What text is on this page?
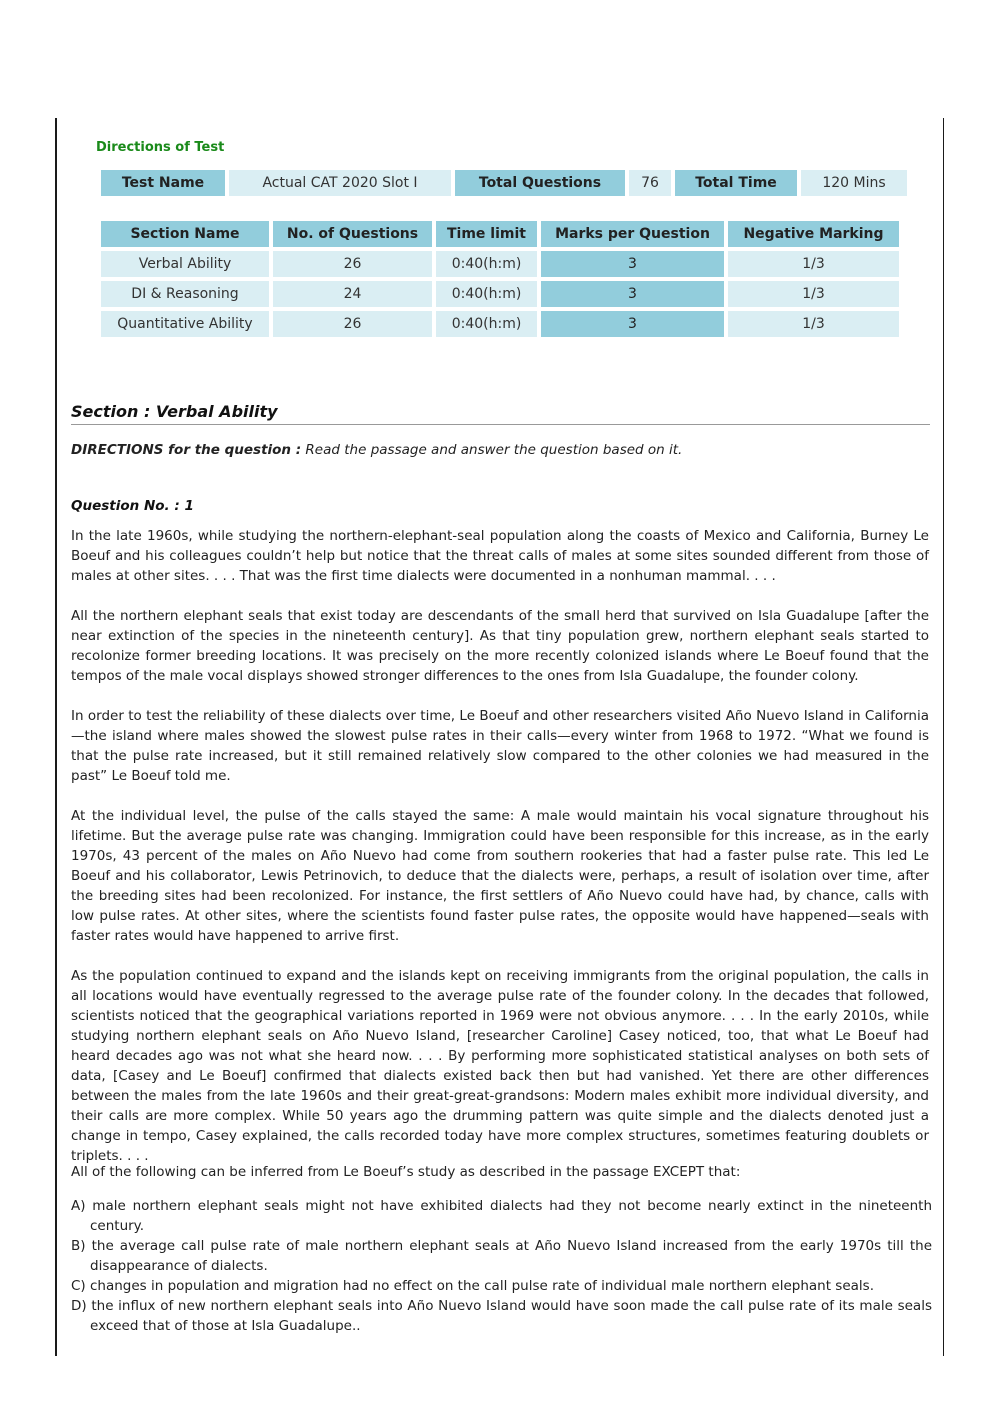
Directions of Test
Test Name	Actual CAT 2020 Slot I	Total Questions	76	Total Time	120 Mins
Section Name	No. of Questions	Time limit	Marks per Question	Negative Marking
Verbal Ability	26	0:40(h:m)	3	1/3
DI & Reasoning	24	0:40(h:m)	3	1/3
Quantitative Ability	26	0:40(h:m)	3	1/3
Section : Verbal Ability
DIRECTIONS for the question : Read the passage and answer the question based on it.
Question No. : 1

In the late 1960s, while studying the northern-elephant-seal population along the coasts of Mexico and California, Burney Le Boeuf and his colleagues couldn’t help but notice that the threat calls of males at some sites sounded different from those of males at other sites. . . . That was the first time dialects were documented in a nonhuman mammal. . . .

All the northern elephant seals that exist today are descendants of the small herd that survived on Isla Guadalupe [after the near extinction of the species in the nineteenth century]. As that tiny population grew, northern elephant seals started to recolonize former breeding locations. It was precisely on the more recently colonized islands where Le Boeuf found that the tempos of the male vocal displays showed stronger differences to the ones from Isla Guadalupe, the founder colony.

In order to test the reliability of these dialects over time, Le Boeuf and other researchers visited Año Nuevo Island in California —the island where males showed the slowest pulse rates in their calls—every winter from 1968 to 1972. “What we found is that the pulse rate increased, but it still remained relatively slow compared to the other colonies we had measured in the past” Le Boeuf told me.

At the individual level, the pulse of the calls stayed the same: A male would maintain his vocal signature throughout his lifetime. But the average pulse rate was changing. Immigration could have been responsible for this increase, as in the early 1970s, 43 percent of the males on Año Nuevo had come from southern rookeries that had a faster pulse rate. This led Le Boeuf and his collaborator, Lewis Petrinovich, to deduce that the dialects were, perhaps, a result of isolation over time, after the breeding sites had been recolonized. For instance, the first settlers of Año Nuevo could have had, by chance, calls with low pulse rates. At other sites, where the scientists found faster pulse rates, the opposite would have happened—seals with faster rates would have happened to arrive first.

As the population continued to expand and the islands kept on receiving immigrants from the original population, the calls in all locations would have eventually regressed to the average pulse rate of the founder colony. In the decades that followed, scientists noticed that the geographical variations reported in 1969 were not obvious anymore. . . . In the early 2010s, while studying northern elephant seals on Año Nuevo Island, [researcher Caroline] Casey noticed, too, that what Le Boeuf had heard decades ago was not what she heard now. . . . By performing more sophisticated statistical analyses on both sets of data, [Casey and Le Boeuf] confirmed that dialects existed back then but had vanished. Yet there are other differences between the males from the late 1960s and their great-great-grandsons: Modern males exhibit more individual diversity, and their calls are more complex. While 50 years ago the drumming pattern was quite simple and the dialects denoted just a change in tempo, Casey explained, the calls recorded today have more complex structures, sometimes featuring doublets or triplets. . . .

All of the following can be inferred from Le Boeuf’s study as described in the passage EXCEPT that:

A) male northern elephant seals might not have exhibited dialects had they not become nearly extinct in the nineteenth century.

B) the average call pulse rate of male northern elephant seals at Año Nuevo Island increased from the early 1970s till the disappearance of dialects.

C) changes in population and migration had no effect on the call pulse rate of individual male northern elephant seals.

D) the influx of new northern elephant seals into Año Nuevo Island would have soon made the call pulse rate of its male seals exceed that of those at Isla Guadalupe..
